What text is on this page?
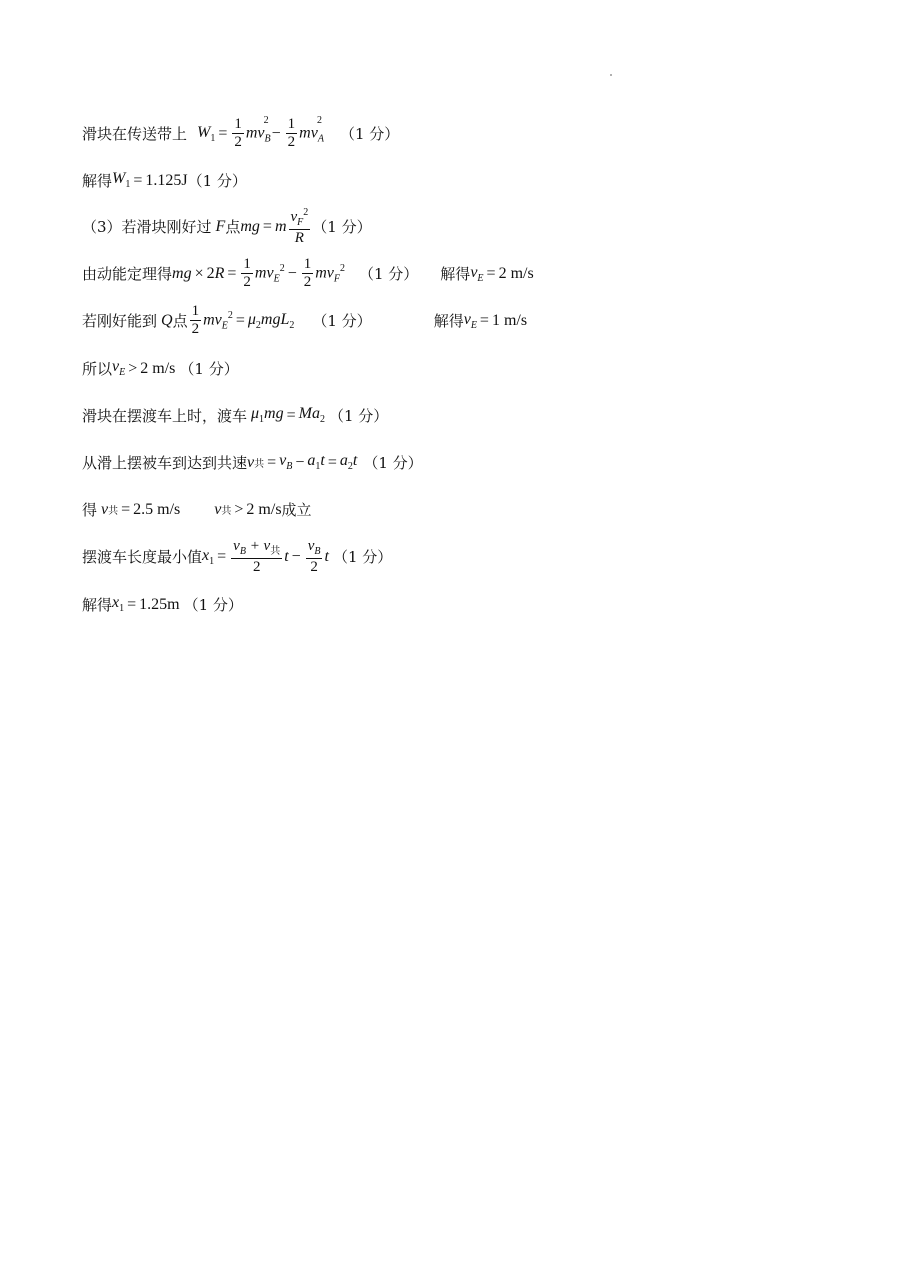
滑块在传送带上 $W_1 = \frac{1}{2} mv_B^2$
− $\frac{1}{2} mv_A^2$
（1 分）
解得 $W_1 = 1.125J$ （1 分）
（3）若滑块刚好过 F 点 mg = m $\frac{v_F^2}{R} (1$ 分）
由动能定理得 mg × 2 $R = \frac{1}{2} mv_E^2 - \frac{1}{2} mv_F^2$ （1 分） 解得 $v_E = 2$ m/s
若刚好能到 Q 点 $\frac{1}{2} mv_E^2 = \mu_2mgL_2$ （1 分）	解得 $v_E = 1$ m/s
所以 $v_E > 2$ m/s （1 分）
滑块在摆渡车上时，渡车 $\mu_1mg = Ma_2$ （1 分）
从滑上摆被车到达到共速 v 共 = $v_B - a_1t = a_2t$ （1 分）
得 v 共 = 2.5 m/s v 共 > 2 m/s 成立
摆渡车长度最小值 $x_1 = \frac{v_B + v_共}{2}$ $t - \frac{v_B}{2}$ t （1 分）
解得 $x_1 = 1.25m$ （1 分）
